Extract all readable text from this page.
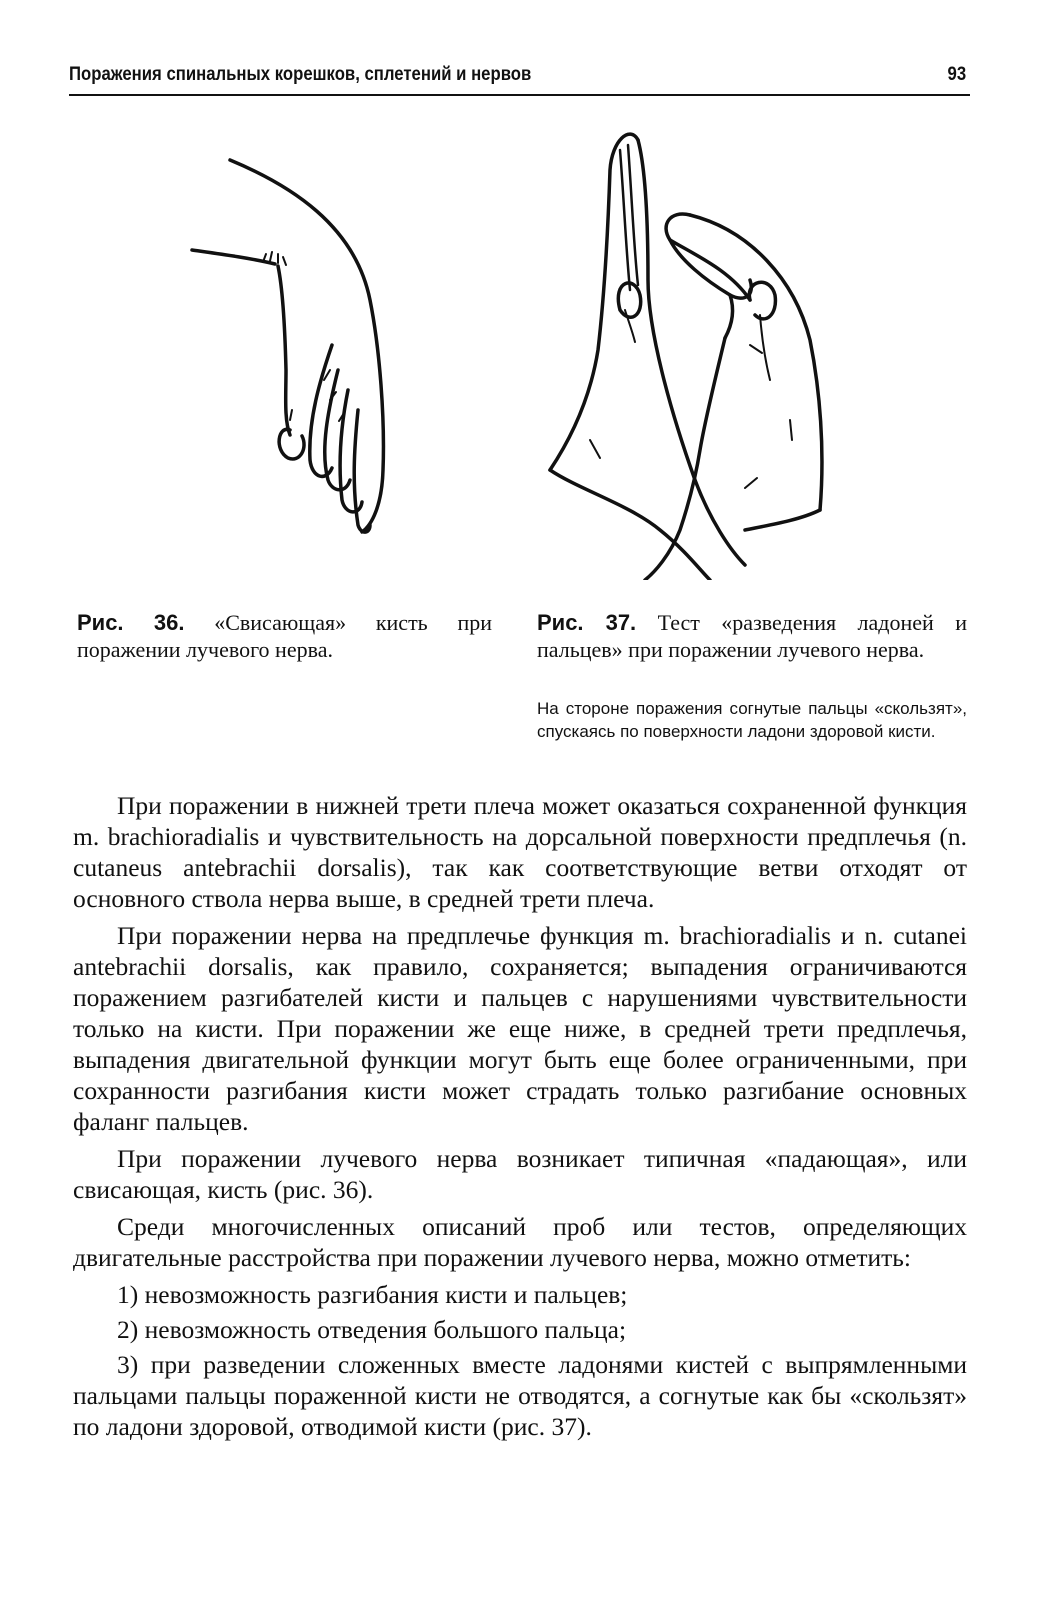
Поражения спинальных корешков, сплетений и нервов	93
Рис. 36. «Свисающая» кисть при поражении лучевого нерва.
Рис. 37. Тест «разведения ладоней и пальцев» при поражении лучевого нерва.
На стороне поражения согнутые пальцы «скользят», спускаясь по поверхности ладони здоровой кисти.

При поражении в нижней трети плеча может оказаться сохраненной функция m. brachioradialis и чувствительность на дорсальной поверхности предплечья (n. cutaneus antebrachii dorsalis), так как соответствующие ветви отходят от основного ствола нерва выше, в средней трети плеча.

При поражении нерва на предплечье функция m. brachioradialis и n. cutanei antebrachii dorsalis, как правило, сохраняется; выпадения ограничиваются поражением разгибателей кисти и пальцев с нарушениями чувствительности только на кисти. При поражении же еще ниже, в средней трети предплечья, выпадения двигательной функции могут быть еще более ограниченными, при сохранности разгибания кисти может страдать только разгибание основных фаланг пальцев.

При поражении лучевого нерва возникает типичная «падающая», или свисающая, кисть (рис. 36).

Среди многочисленных описаний проб или тестов, определяющих двигательные расстройства при поражении лучевого нерва, можно отметить:

1) невозможность разгибания кисти и пальцев;
2) невозможность отведения большого пальца;
3) при разведении сложенных вместе ладонями кистей с выпрямленными пальцами пальцы пораженной кисти не отводятся, а согнутые как бы «скользят» по ладони здоровой, отводимой кисти (рис. 37).
